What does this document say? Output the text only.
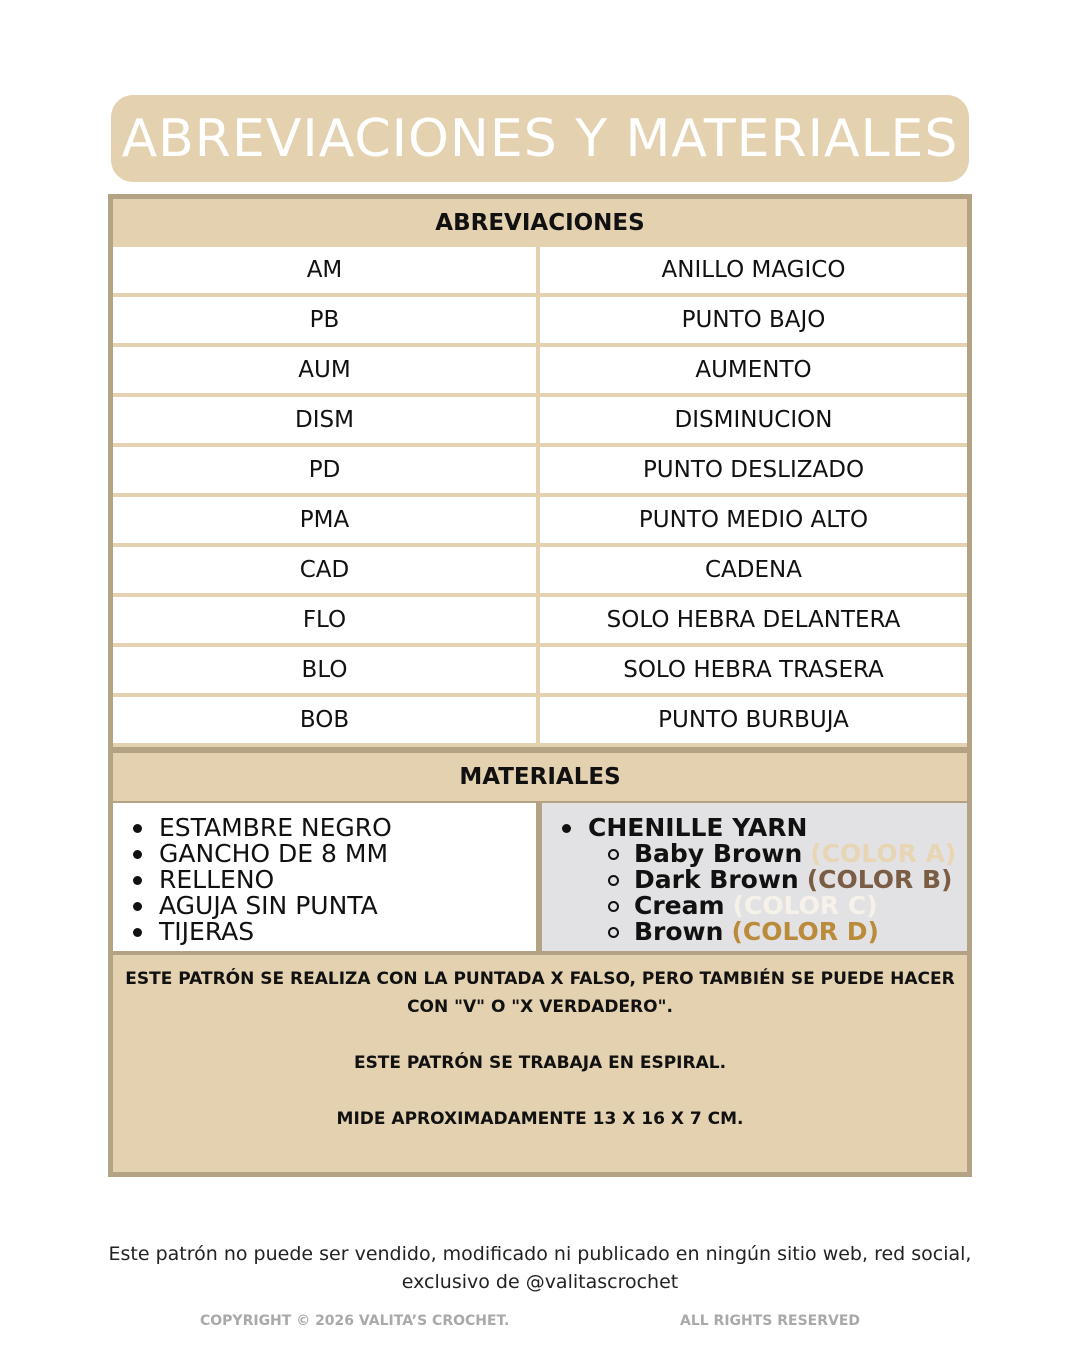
ABREVIACIONES Y MATERIALES
ABREVIACIONES
AM	ANILLO MAGICO
PB	PUNTO BAJO
AUM	AUMENTO
DISM	DISMINUCION
PD	PUNTO DESLIZADO
PMA	PUNTO MEDIO ALTO
CAD	CADENA
FLO	SOLO HEBRA DELANTERA
BLO	SOLO HEBRA TRASERA
BOB	PUNTO BURBUJA
MATERIALES
ESTAMBRE NEGRO
GANCHO DE 8 MM
RELLENO
AGUJA SIN PUNTA
TIJERAS
CHENILLE YARN
Baby Brown (COLOR A)
Dark Brown (COLOR B)
Cream (COLOR C)
Brown (COLOR D)

ESTE PATRÓN SE REALIZA CON LA PUNTADA X FALSO, PERO TAMBIÉN SE PUEDE HACER CON "V" O "X VERDADERO".

ESTE PATRÓN SE TRABAJA EN ESPIRAL.

MIDE APROXIMADAMENTE 13 X 16 X 7 CM.

Este patrón no puede ser vendido, modificado ni publicado en ningún sitio web, red social, exclusivo de @valitascrochet
COPYRIGHT © 2026 VALITA’S CROCHET.	ALL RIGHTS RESERVED
